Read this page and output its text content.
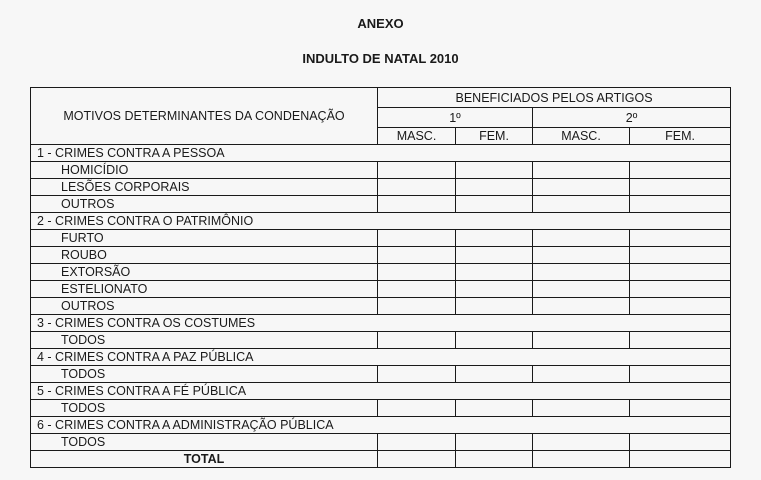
ANEXO
INDULTO DE NATAL 2010
MOTIVOS DETERMINANTES DA CONDENAÇÃO	BENEFICIADOS PELOS ARTIGOS			
	1º		2º	
	MASC.	FEM.	MASC.	FEM.
1 - CRIMES CONTRA A PESSOA				
HOMICÍDIO				
LESÕES CORPORAIS				
OUTROS				
2 - CRIMES CONTRA O PATRIMÔNIO				
FURTO				
ROUBO				
EXTORSÃO				
ESTELIONATO				
OUTROS				
3 - CRIMES CONTRA OS COSTUMES				
TODOS				
4 - CRIMES CONTRA A PAZ PÚBLICA				
TODOS				
5 - CRIMES CONTRA A FÉ PÚBLICA				
TODOS				
6 - CRIMES CONTRA A ADMINISTRAÇÃO PÚBLICA				
TODOS				
TOTAL				
